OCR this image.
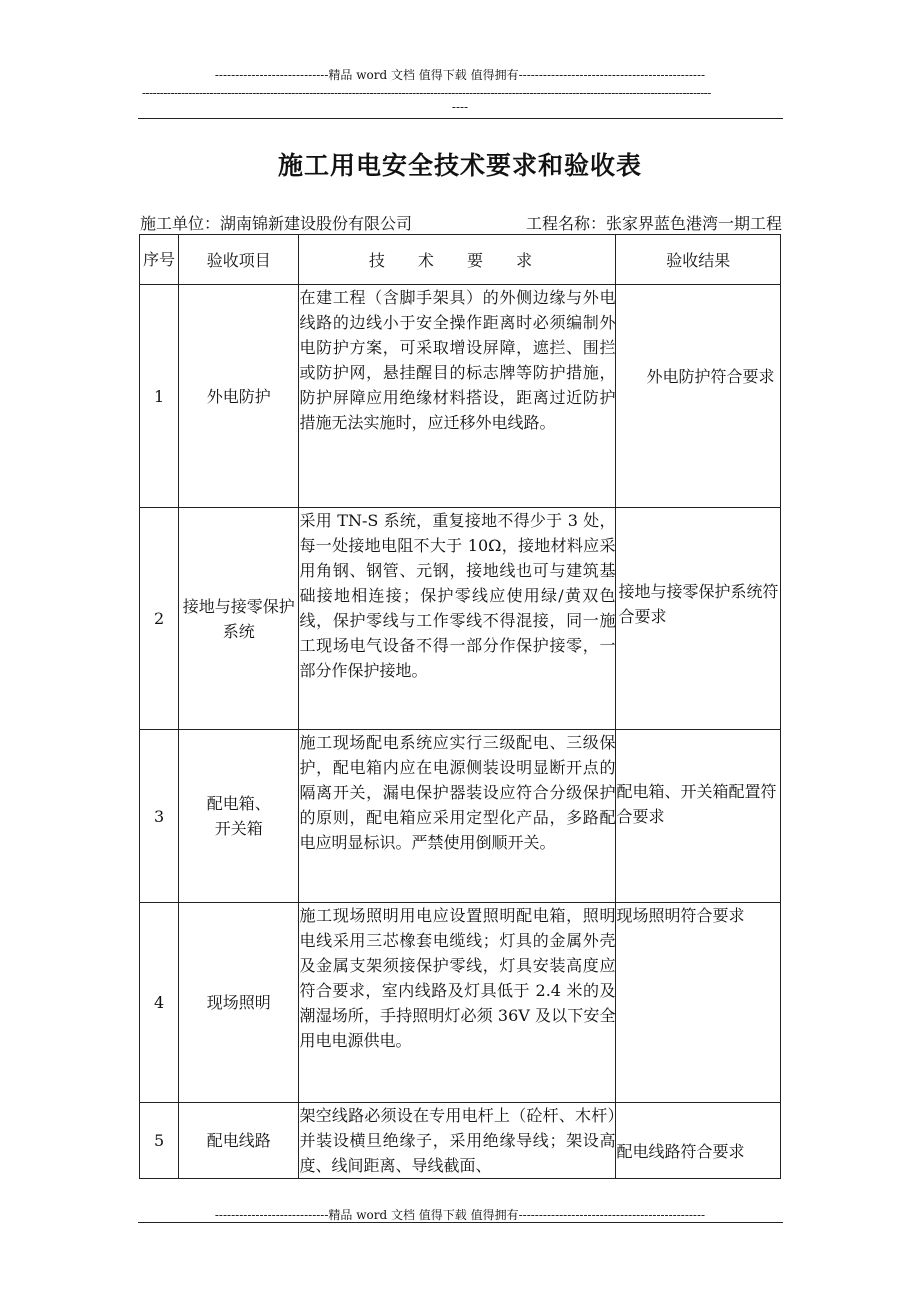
----------------------------精品 word 文档 值得下载 值得拥有----------------------------------------------
----------------------------------------------------------------------------------------------------------------------------------------------------------------
----
施工用电安全技术要求和验收表
施工单位：湖南锦新建设股份有限公司	工程名称：张家界蓝色港湾一期工程
序号	验收项目	技 术 要 求	验收结果
1	外电防护	在建工程（含脚手架具）的外侧边缘与外电线路的边线小于安全操作距离时必须编制外电防护方案，可采取增设屏障，遮拦、围拦或防护网，悬挂醒目的标志牌等防护措施，防护屏障应用绝缘材料搭设，距离过近防护措施无法实施时，应迁移外电线路。	外电防护符合要求
2	接地与接零保护系统	采用 TN-S 系统，重复接地不得少于 3 处，每一处接地电阻不大于 10Ω，接地材料应采用角钢、钢管、元钢，接地线也可与建筑基础接地相连接；保护零线应使用绿/黄双色线，保护零线与工作零线不得混接，同一施工现场电气设备不得一部分作保护接零，一部分作保护接地。	接地与接零保护系统符合要求
3	配电箱、开关箱	施工现场配电系统应实行三级配电、三级保护，配电箱内应在电源侧装设明显断开点的隔离开关，漏电保护器装设应符合分级保护的原则，配电箱应采用定型化产品，多路配电应明显标识。严禁使用倒顺开关。	配电箱、开关箱配置符合要求
4	现场照明	施工现场照明用电应设置照明配电箱，照明电线采用三芯橡套电缆线；灯具的金属外壳及金属支架须接保护零线，灯具安装高度应符合要求，室内线路及灯具低于 2.4 米的及潮湿场所，手持照明灯必须 36V 及以下安全用电电源供电。	现场照明符合要求
5	配电线路	架空线路必须设在专用电杆上（砼杆、木杆）并装设横旦绝缘子，采用绝缘导线；架设高度、线间距离、导线截面、	配电线路符合要求
----------------------------精品 word 文档 值得下载 值得拥有----------------------------------------------
